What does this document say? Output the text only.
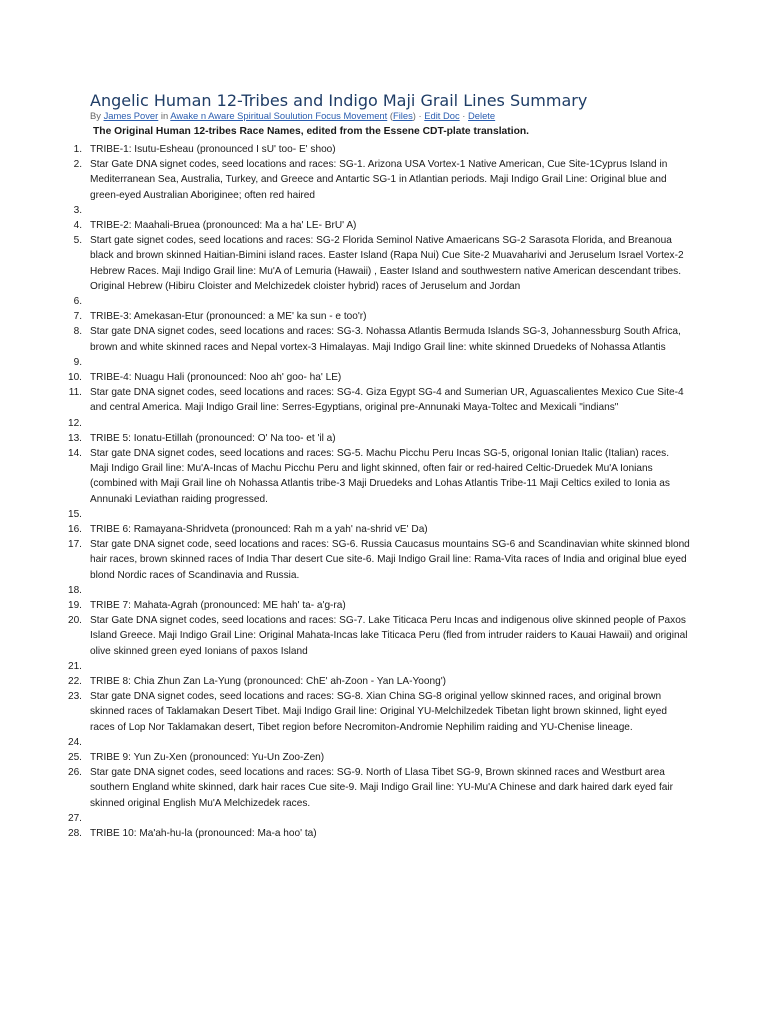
Angelic Human 12-Tribes and Indigo Maji Grail Lines Summary
By James Pover in Awake n Aware Spiritual Soulution Focus Movement (Files) · Edit Doc · Delete
The Original Human 12-tribes Race Names, edited from the Essene CDT-plate translation.
1. TRIBE-1: Isutu-Esheau (pronounced I sU' too- E' shoo)
2. Star Gate DNA signet codes, seed locations and races: SG-1. Arizona USA Vortex-1 Native American, Cue Site-1Cyprus Island in Mediterranean Sea, Australia, Turkey, and Greece and Antartic SG-1 in Atlantian periods. Maji Indigo Grail Line: Original blue and green-eyed Australian Aboriginee; often red haired
3.
4. TRIBE-2: Maahali-Bruea (pronounced: Ma a ha' LE- BrU' A)
5. Start gate signet codes, seed locations and races: SG-2 Florida Seminol Native Amaericans SG-2 Sarasota Florida, and Breanoua black and brown skinned Haitian-Bimini island races. Easter Island (Rapa Nui) Cue Site-2 Muavaharivi and Jeruselum Israel Vortex-2 Hebrew Races. Maji Indigo Grail line: Mu'A of Lemuria (Hawaii) , Easter Island and southwestern native American descendant tribes. Original Hebrew (Hibiru Cloister and Melchizedek cloister hybrid) races of Jeruselum and Jordan
6.
7. TRIBE-3: Amekasan-Etur (pronounced: a ME' ka sun - e too'r)
8. Star gate DNA signet codes, seed locations and races: SG-3. Nohassa Atlantis Bermuda Islands SG-3, Johannessburg South Africa, brown and white skinned races and Nepal vortex-3 Himalayas. Maji Indigo Grail line: white skinned Druedeks of Nohassa Atlantis
9.
10. TRIBE-4: Nuagu Hali (pronounced: Noo ah' goo- ha' LE)
11. Star gate DNA signet codes, seed locations and races: SG-4. Giza Egypt SG-4 and Sumerian UR, Aguascalientes Mexico Cue Site-4 and central America. Maji Indigo Grail line: Serres-Egyptians, original pre-Annunaki Maya-Toltec and Mexicali "indians"
12.
13. TRIBE 5: Ionatu-Etillah (pronounced: O' Na too- et 'il a)
14. Star gate DNA signet codes, seed locations and races: SG-5. Machu Picchu Peru Incas SG-5, origonal Ionian Italic (Italian) races. Maji Indigo Grail line: Mu'A-Incas of Machu Picchu Peru and light skinned, often fair or red-haired Celtic-Druedek Mu'A Ionians (combined with Maji Grail line oh Nohassa Atlantis tribe-3 Maji Druedeks and Lohas Atlantis Tribe-11 Maji Celtics exiled to Ionia as Annunaki Leviathan raiding progressed.
15.
16. TRIBE 6: Ramayana-Shridveta (pronounced: Rah m a yah' na-shrid vE' Da)
17. Star gate DNA signet code, seed locations and races: SG-6. Russia Caucasus mountains SG-6 and Scandinavian white skinned blond hair races, brown skinned races of India Thar desert Cue site-6. Maji Indigo Grail line: Rama-Vita races of India and original blue eyed blond Nordic races of Scandinavia and Russia.
18.
19. TRIBE 7: Mahata-Agrah (pronounced: ME hah' ta- a'g-ra)
20. Star Gate DNA signet codes, seed locations and races: SG-7. Lake Titicaca Peru Incas and indigenous olive skinned people of Paxos Island Greece. Maji Indigo Grail Line: Original Mahata-Incas lake Titicaca Peru (fled from intruder raiders to Kauai Hawaii) and original olive skinned green eyed Ionians of paxos Island
21.
22. TRIBE 8: Chia Zhun Zan La-Yung (pronounced: ChE' ah-Zoon - Yan LA-Yoong')
23. Star gate DNA signet codes, seed locations and races: SG-8. Xian China SG-8 original yellow skinned races, and original brown skinned races of Taklamakan Desert Tibet. Maji Indigo Grail line: Original YU-Melchilzedek Tibetan light brown skinned, light eyed races of Lop Nor Taklamakan desert, Tibet region before Necromiton-Andromie Nephilim raiding and YU-Chenise lineage.
24.
25. TRIBE 9: Yun Zu-Xen (pronounced: Yu-Un Zoo-Zen)
26. Star gate DNA signet codes, seed locations and races: SG-9. North of Llasa Tibet SG-9, Brown skinned races and Westburt area southern England white skinned, dark hair races Cue site-9. Maji Indigo Grail line: YU-Mu'A Chinese and dark haired dark eyed fair skinned original English Mu'A Melchizedek races.
27.
28. TRIBE 10: Ma'ah-hu-la (pronounced: Ma-a hoo' ta)
